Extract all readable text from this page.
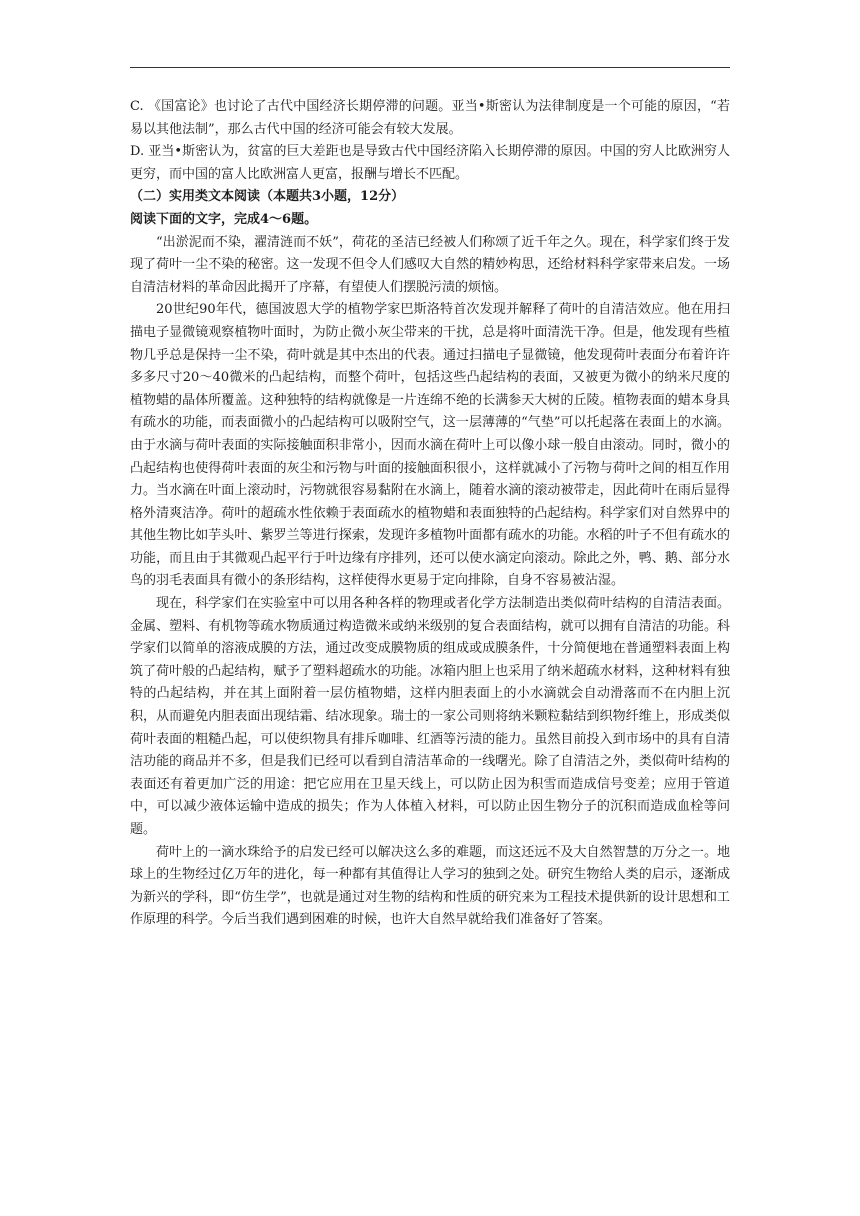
C. 《国富论》也讨论了古代中国经济长期停滞的问题。亚当•斯密认为法律制度是一个可能的原因，“若易以其他法制”，那么古代中国的经济可能会有较大发展。

D. 亚当•斯密认为，贫富的巨大差距也是导致古代中国经济陷入长期停滞的原因。中国的穷人比欧洲穷人更穷，而中国的富人比欧洲富人更富，报酬与增长不匹配。

（二）实用类文本阅读（本题共3小题，12分）

阅读下面的文字，完成4～6题。

“出淤泥而不染，濯清涟而不妖”，荷花的圣洁已经被人们称颂了近千年之久。现在，科学家们终于发现了荷叶一尘不染的秘密。这一发现不但令人们感叹大自然的精妙构思，还给材料科学家带来启发。一场自清洁材料的革命因此揭开了序幕，有望使人们摆脱污渍的烦恼。

20世纪90年代，德国波恩大学的植物学家巴斯洛特首次发现并解释了荷叶的自清洁效应。他在用扫描电子显微镜观察植物叶面时，为防止微小灰尘带来的干扰，总是将叶面清洗干净。但是，他发现有些植物几乎总是保持一尘不染，荷叶就是其中杰出的代表。通过扫描电子显微镜，他发现荷叶表面分布着许许多多尺寸20～40微米的凸起结构，而整个荷叶，包括这些凸起结构的表面，又被更为微小的纳米尺度的植物蜡的晶体所覆盖。这种独特的结构就像是一片连绵不绝的长满参天大树的丘陵。植物表面的蜡本身具有疏水的功能，而表面微小的凸起结构可以吸附空气，这一层薄薄的“气垫”可以托起落在表面上的水滴。由于水滴与荷叶表面的实际接触面积非常小，因而水滴在荷叶上可以像小球一般自由滚动。同时，微小的凸起结构也使得荷叶表面的灰尘和污物与叶面的接触面积很小，这样就减小了污物与荷叶之间的相互作用力。当水滴在叶面上滚动时，污物就很容易黏附在水滴上，随着水滴的滚动被带走，因此荷叶在雨后显得格外清爽洁净。荷叶的超疏水性依赖于表面疏水的植物蜡和表面独特的凸起结构。科学家们对自然界中的其他生物比如芋头叶、紫罗兰等进行探索，发现许多植物叶面都有疏水的功能。水稻的叶子不但有疏水的功能，而且由于其微观凸起平行于叶边缘有序排列，还可以使水滴定向滚动。除此之外，鸭、鹅、部分水鸟的羽毛表面具有微小的条形结构，这样使得水更易于定向排除，自身不容易被沾湿。

现在，科学家们在实验室中可以用各种各样的物理或者化学方法制造出类似荷叶结构的自清洁表面。金属、塑料、有机物等疏水物质通过构造微米或纳米级别的复合表面结构，就可以拥有自清洁的功能。科学家们以简单的溶液成膜的方法，通过改变成膜物质的组成或成膜条件，十分简便地在普通塑料表面上构筑了荷叶般的凸起结构，赋予了塑料超疏水的功能。冰箱内胆上也采用了纳米超疏水材料，这种材料有独特的凸起结构，并在其上面附着一层仿植物蜡，这样内胆表面上的小水滴就会自动滑落而不在内胆上沉积，从而避免内胆表面出现结霜、结冰现象。瑞士的一家公司则将纳米颗粒黏结到织物纤维上，形成类似荷叶表面的粗糙凸起，可以使织物具有排斥咖啡、红酒等污渍的能力。虽然目前投入到市场中的具有自清洁功能的商品并不多，但是我们已经可以看到自清洁革命的一线曙光。除了自清洁之外，类似荷叶结构的表面还有着更加广泛的用途：把它应用在卫星天线上，可以防止因为积雪而造成信号变差；应用于管道中，可以减少液体运输中造成的损失；作为人体植入材料，可以防止因生物分子的沉积而造成血栓等问题。

荷叶上的一滴水珠给予的启发已经可以解决这么多的难题，而这还远不及大自然智慧的万分之一。地球上的生物经过亿万年的进化，每一种都有其值得让人学习的独到之处。研究生物给人类的启示，逐渐成为新兴的学科，即“仿生学”，也就是通过对生物的结构和性质的研究来为工程技术提供新的设计思想和工作原理的科学。今后当我们遇到困难的时候，也许大自然早就给我们准备好了答案。
